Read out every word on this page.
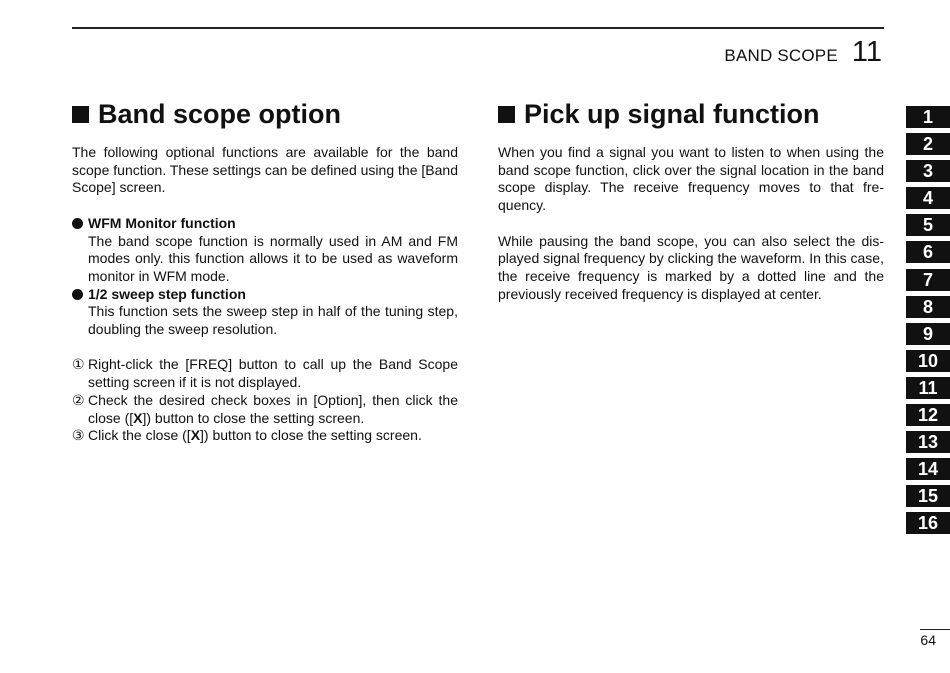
BAND SCOPE 11
Band scope option

The following optional functions are available for the band scope function. These settings can be defined using the [Band Scope] screen.

WFM Monitor function

The band scope function is normally used in AM and FM modes only. this function allows it to be used as waveform monitor in WFM mode.

1/2 sweep step function

This function sets the sweep step in half of the tuning step, doubling the sweep resolution.

① Right-click the [FREQ] button to call up the Band Scope setting screen if it is not displayed.
② Check the desired check boxes in [Option], then click the close ([X]) button to close the setting screen.
③ Click the close ([X]) button to close the setting screen.
Pick up signal function

When you find a signal you want to listen to when using the band scope function, click over the signal location in the band scope display. The receive frequency moves to that fre-quency.

While pausing the band scope, you can also select the dis-played signal frequency by clicking the waveform. In this case, the receive frequency is marked by a dotted line and the previously received frequency is displayed at center.

1
2
3
4
5
6
7
8
9
10
11
12
13
14
15
16
64
